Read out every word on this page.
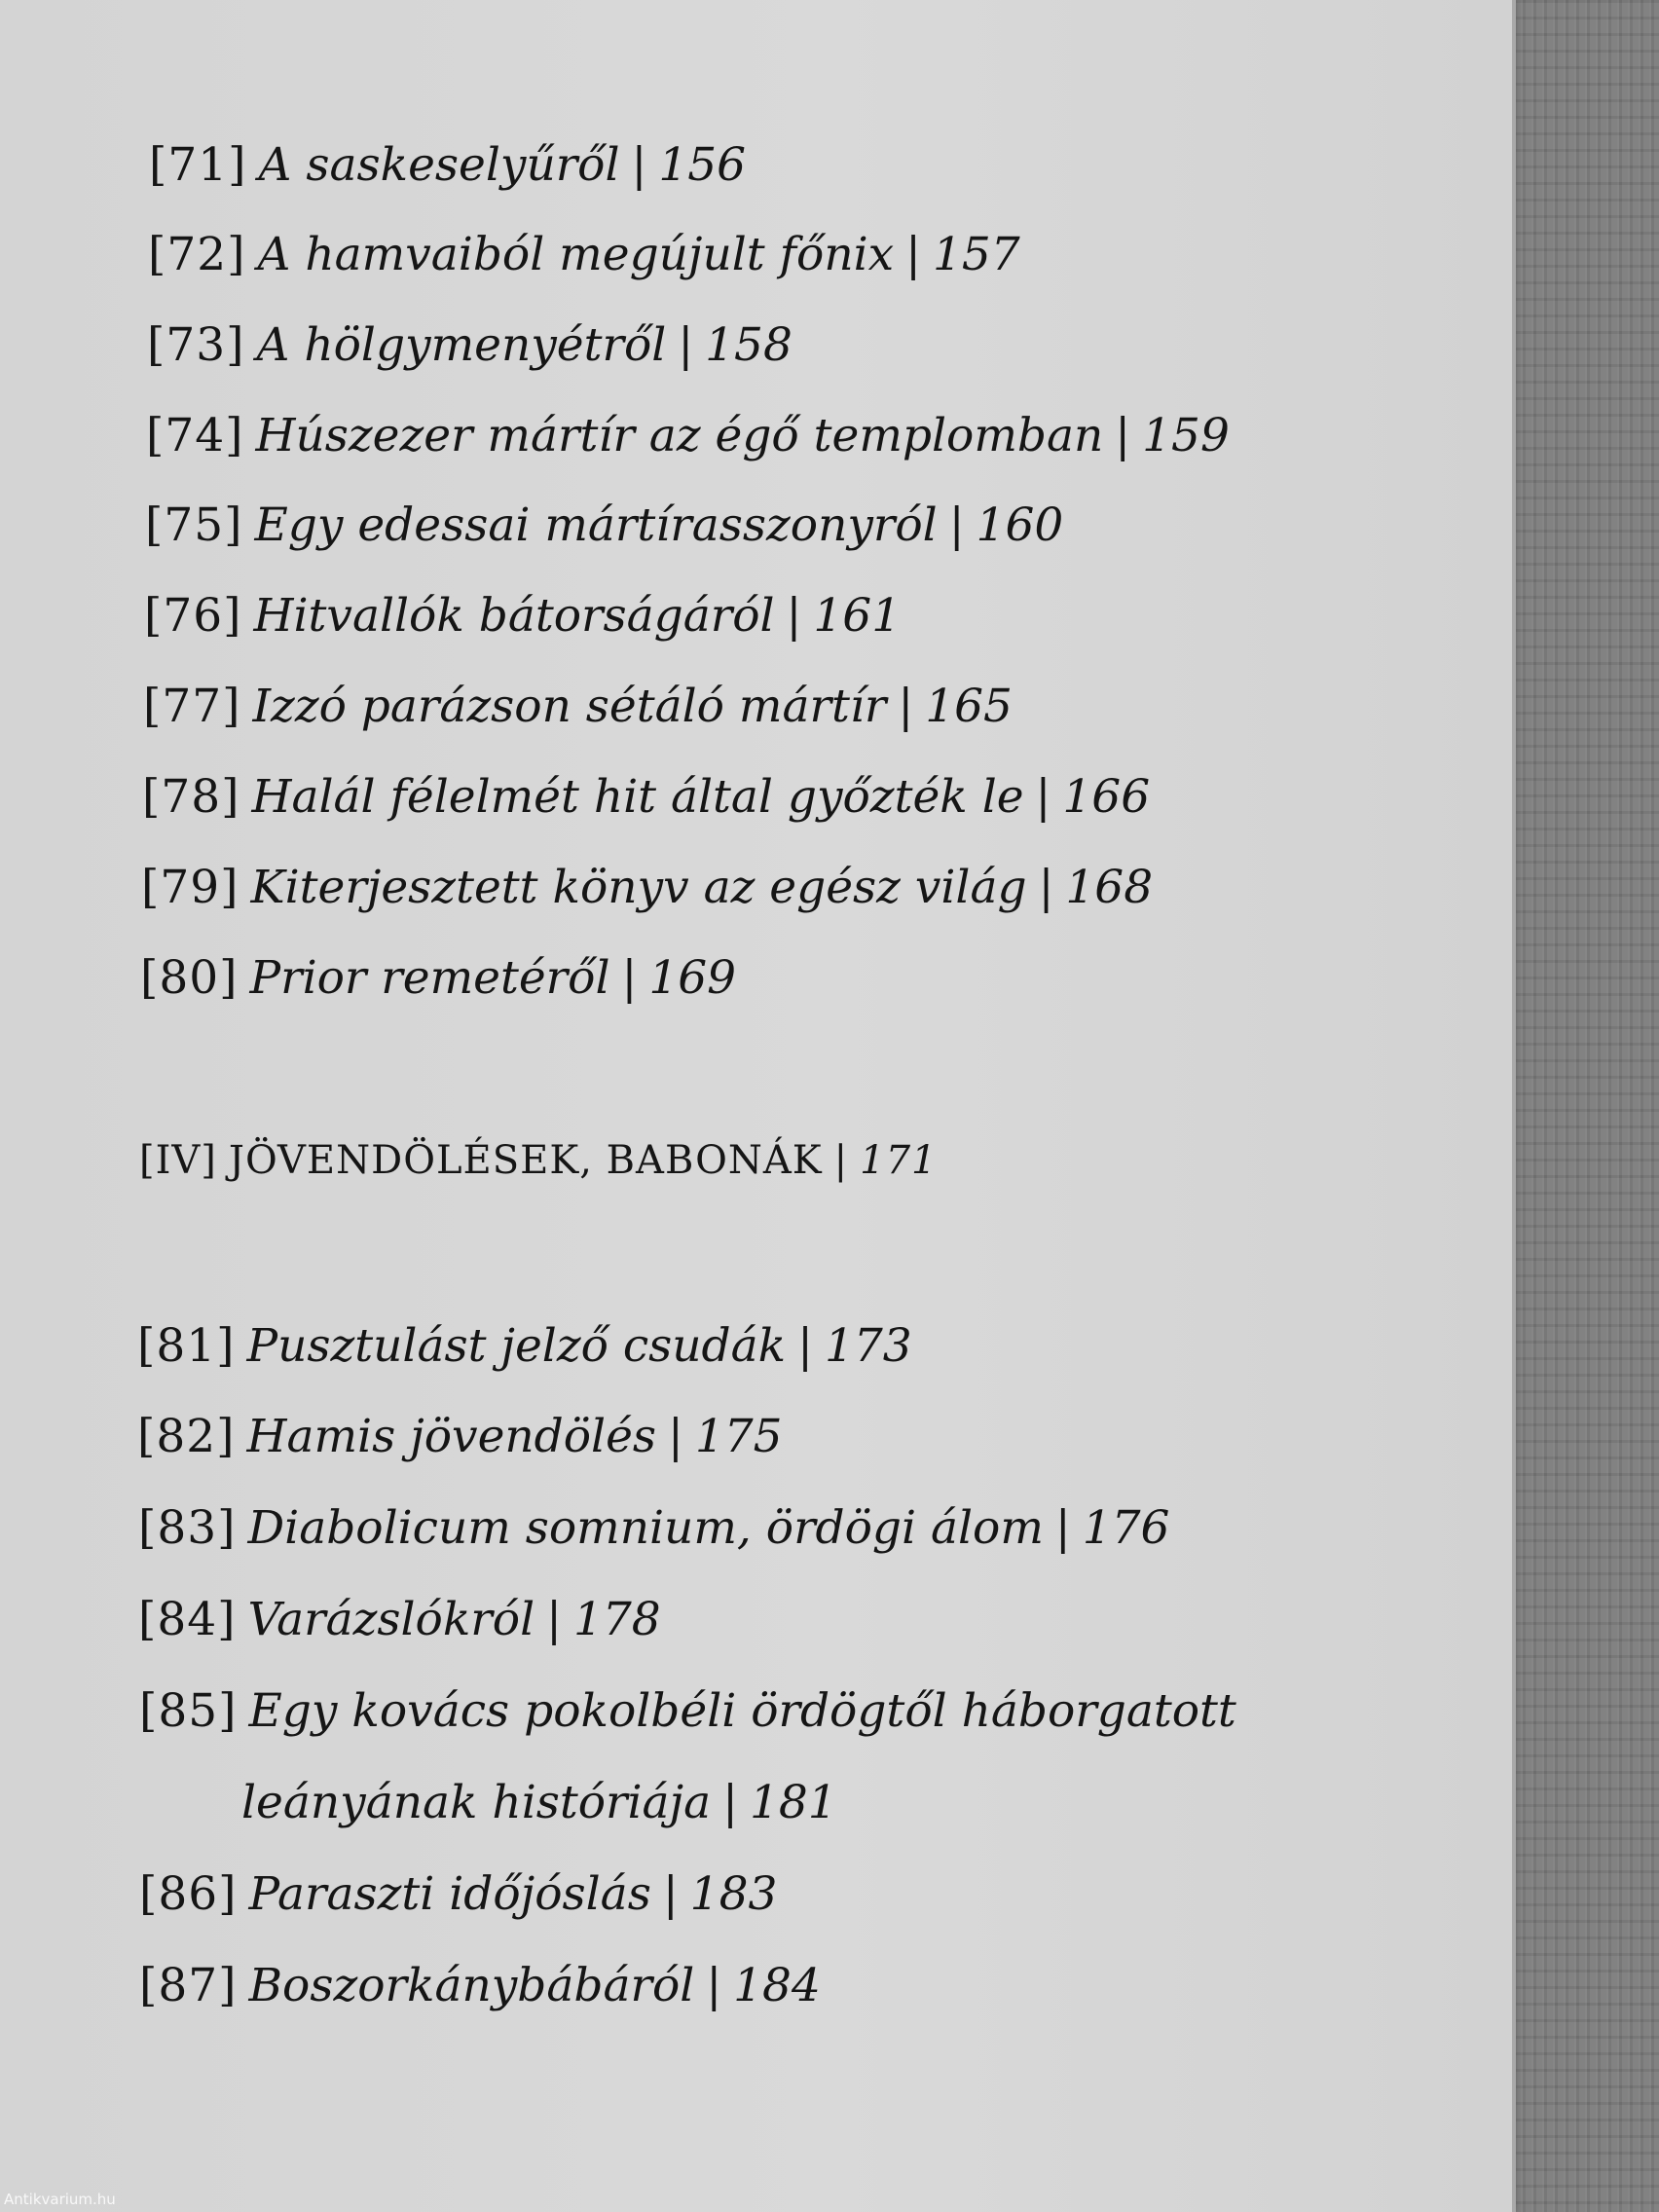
[71] A saskeselyűről | 156
[72] A hamvaiból megújult főnix | 157
[73] A hölgymenyétről | 158
[74] Húszezer mártír az égő templomban | 159
[75] Egy edessai mártírasszonyról | 160
[76] Hitvallók bátorságáról | 161
[77] Izzó parázson sétáló mártír | 165
[78] Halál félelmét hit által győzték le | 166
[79] Kiterjesztett könyv az egész világ | 168
[80] Prior remetéről | 169
[IV] JÖVENDÖLÉSEK, BABONÁK | 171
[81] Pusztulást jelző csudák | 173
[82] Hamis jövendölés | 175
[83] Diabolicum somnium, ördögi álom | 176
[84] Varázslókról | 178
[85] Egy kovács pokolbéli ördögtől háborgatott
leányának históriája | 181
[86] Paraszti időjóslás | 183
[87] Boszorkánybábáról | 184
Antikvarium.hu
